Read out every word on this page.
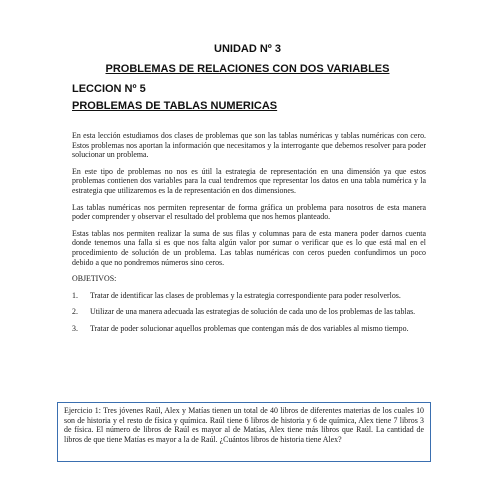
UNIDAD Nº 3
PROBLEMAS DE RELACIONES CON DOS VARIABLES
LECCION Nº 5
PROBLEMAS DE TABLAS NUMERICAS

En esta lección estudiamos dos clases de problemas que son las tablas numéricas y tablas numéricas con cero. Estos problemas nos aportan la información que necesitamos y la interrogante que debemos resolver para poder solucionar un problema.

En este tipo de problemas no nos es útil la estrategia de representación en una dimensión ya que estos problemas contienen dos variables para la cual tendremos que representar los datos en una tabla numérica y la estrategia que utilizaremos es la de representación en dos dimensiones.

Las tablas numéricas nos permiten representar de forma gráfica un problema para nosotros de esta manera poder comprender y observar el resultado del problema que nos hemos planteado.

Estas tablas nos permiten realizar la suma de sus filas y columnas para de esta manera poder darnos cuenta donde tenemos una falla si es que nos falta algún valor por sumar o verificar que es lo que está mal en el procedimiento de solución de un problema. Las tablas numéricas con ceros pueden confundirnos un poco debido a que no pondremos números sino ceros.

OBJETIVOS:

1. Tratar de identificar las clases de problemas y la estrategia correspondiente para poder resolverlos.
2. Utilizar de una manera adecuada las estrategias de solución de cada uno de los problemas de las tablas.
3. Tratar de poder solucionar aquellos problemas que contengan más de dos variables al mismo tiempo.
Ejercicio 1: Tres jóvenes Raúl, Alex y Matías tienen un total de 40 libros de diferentes materias de los cuales 10 son de historia y el resto de física y química. Raúl tiene 6 libros de historia y 6 de química, Alex tiene 7 libros 3 de física. El número de libros de Raúl es mayor al de Matías, Alex tiene más libros que Raúl. La cantidad de libros de que tiene Matías es mayor a la de Raúl. ¿Cuántos libros de historia tiene Alex?
